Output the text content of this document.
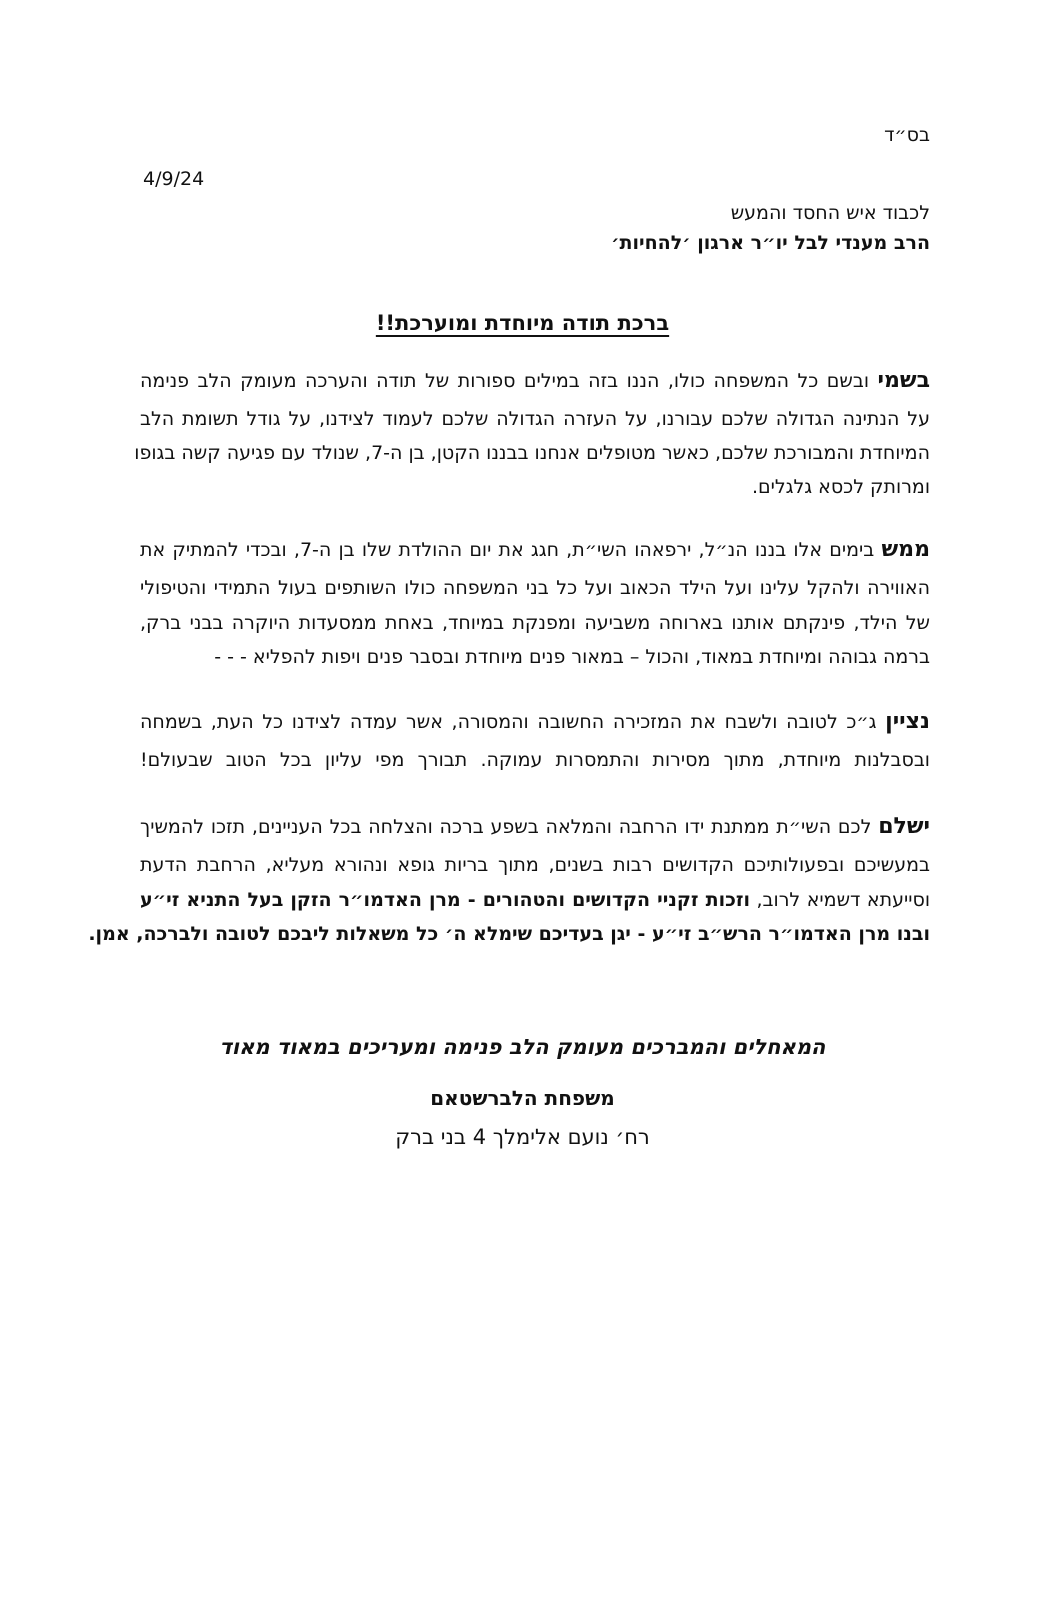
בס״ד
4/9/24
לכבוד איש החסד והמעש
הרב מענדי לבל יו״ר ארגון ׳להחיות׳
ברכת תודה מיוחדת ומוערכת!!
בשמי ובשם כל המשפחה כולו, הננו בזה במילים ספורות של תודה והערכה מעומק הלב פנימה
על הנתינה הגדולה שלכם עבורנו, על העזרה הגדולה שלכם לעמוד לצידנו, על גודל תשומת הלב
המיוחדת והמבורכת שלכם, כאשר מטופלים אנחנו בבננו הקטן, בן ה-7, שנולד עם פגיעה קשה בגופו
ומרותק לכסא גלגלים.
ממש בימים אלו בננו הנ״ל, ירפאהו השי״ת, חגג את יום ההולדת שלו בן ה-7, ובכדי להמתיק את
האווירה ולהקל עלינו ועל הילד הכאוב ועל כל בני המשפחה כולו השותפים בעול התמידי והטיפולי
של הילד, פינקתם אותנו בארוחה משביעה ומפנקת במיוחד, באחת ממסעדות היוקרה בבני ברק,
ברמה גבוהה ומיוחדת במאוד, והכול – במאור פנים מיוחדת ובסבר פנים ויפות להפליא - - -
נציין ג״כ לטובה ולשבח את המזכירה החשובה והמסורה, אשר עמדה לצידנו כל העת, בשמחה
ובסבלנות מיוחדת, מתוך מסירות והתמסרות עמוקה. תבורך מפי עליון בכל הטוב שבעולם!
ישלם לכם השי״ת ממתנת ידו הרחבה והמלאה בשפע ברכה והצלחה בכל העניינים, תזכו להמשיך
במעשיכם ובפעולותיכם הקדושים רבות בשנים, מתוך בריות גופא ונהורא מעליא, הרחבת הדעת
וסייעתא דשמיא לרוב, וזכות זקניי הקדושים והטהורים - מרן האדמו״ר הזקן בעל התניא זי״ע
ובנו מרן האדמו״ר הרש״ב זי״ע - יגן בעדיכם שימלא ה׳ כל משאלות ליבכם לטובה ולברכה, אמן.
המאחלים והמברכים מעומק הלב פנימה ומעריכים במאוד מאוד
משפחת הלברשטאם
רח׳ נועם אלימלך 4 בני ברק
